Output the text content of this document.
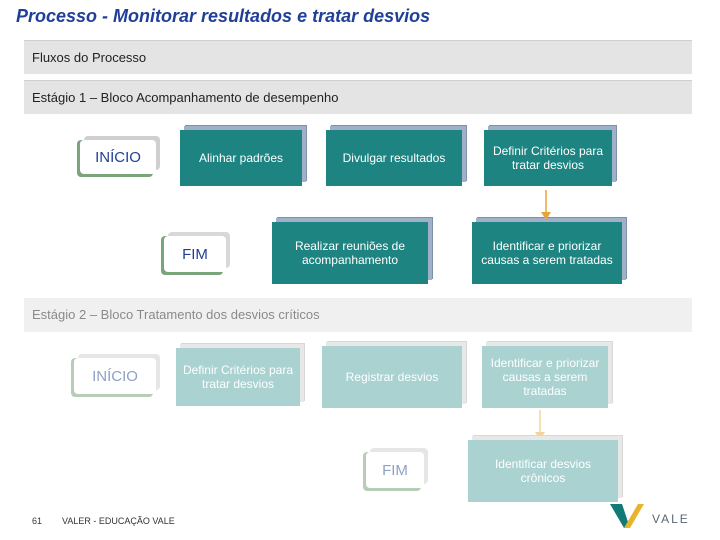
Processo - Monitorar resultados e tratar desvios
Fluxos do Processo
Estágio 1 – Bloco Acompanhamento de desempenho
INÍCIO	Alinhar padrões	Divulgar resultados	Definir Critérios para tratar desvios
Identificar e priorizar causas a serem tratadas
Realizar reuniões de acompanhamento
FIM
Estágio 2 – Bloco Tratamento dos desvios críticos
INÍCIO	Definir Critérios para tratar desvios	Registrar desvios
Identificar e priorizar causas a serem tratadas
FIM	Identificar desvios crônicos
61 VALER - EDUCAÇÃO VALE	VALE
